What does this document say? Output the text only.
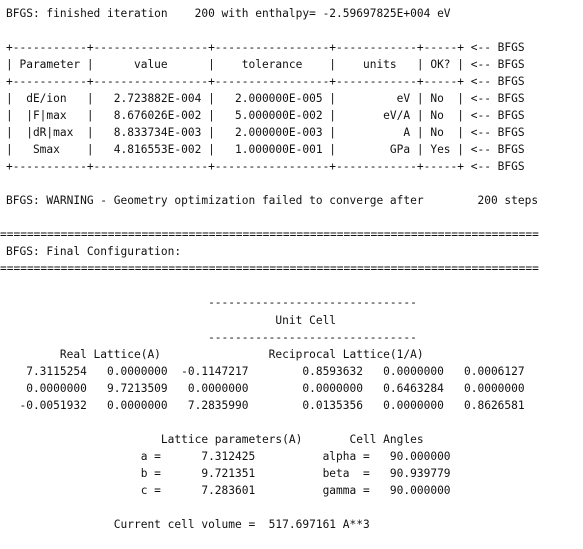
BFGS: finished iteration    200 with enthalpy= -2.59697825E+004 eV
+-----------+-----------------+-----------------+------------+-----+ <-- BFGS
| Parameter |      value      |    tolerance    |    units   | OK? | <-- BFGS
+-----------+-----------------+-----------------+------------+-----+ <-- BFGS
|  dE/ion   |   2.723882E-004 |   2.000000E-005 |         eV | No  | <-- BFGS
|  |F|max   |   8.676026E-002 |   5.000000E-002 |       eV/A | No  | <-- BFGS
|  |dR|max  |   8.833734E-003 |   2.000000E-003 |          A | No  | <-- BFGS
|   Smax    |   4.816553E-002 |   1.000000E-001 |        GPa | Yes | <-- BFGS
+-----------+-----------------+-----------------+------------+-----+ <-- BFGS
BFGS: WARNING - Geometry optimization failed to converge after        200 steps
================================================================================
BFGS: Final Configuration:
================================================================================
-------------------------------
Unit Cell
-------------------------------
Real Lattice(A)                Reciprocal Lattice(1/A)
7.3115254   0.0000000  -0.1147217        0.8593632   0.0000000   0.0006127
0.0000000   9.7213509   0.0000000        0.0000000   0.6463284   0.0000000
-0.0051932   0.0000000   7.2835990        0.0135356   0.0000000   0.8626581
Lattice parameters(A)       Cell Angles
a =      7.312425          alpha =   90.000000
b =      9.721351          beta  =   90.939779
c =      7.283601          gamma =   90.000000
Current cell volume =  517.697161 A**3
